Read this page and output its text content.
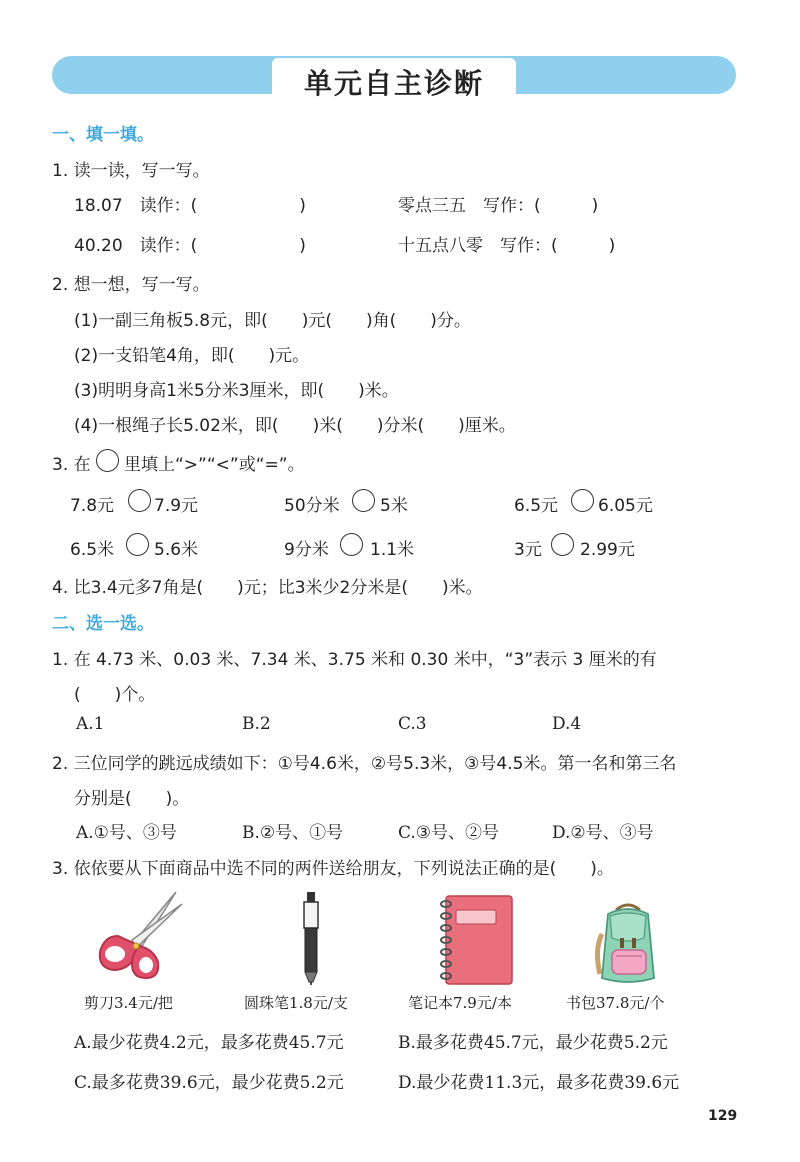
单元自主诊断
一、填一填。
1. 读一读，写一写。
18.07　读作：(　　　　　　)	零点三五　写作：(　　　)
40.20　读作：(　　　　　　)	十五点八零　写作：(　　　)
2. 想一想，写一写。
(1)一副三角板5.8元，即(　　)元(　　)角(　　)分。
(2)一支铅笔4角，即(　　)元。
(3)明明身高1米5分米3厘米，即(　　)米。
(4)一根绳子长5.02米，即(　　)米(　　)分米(　　)厘米。
3. 在 里填上“>”“<”或“=”。
7.8元 7.9元	50分米 5米	6.5元 6.05元
6.5米 5.6米	9分米 1.1米	3元 2.99元
4. 比3.4元多7角是(　　)元；比3米少2分米是(　　)米。
二、选一选。
1. 在 4.73 米、0.03 米、7.34 米、3.75 米和 0.30 米中，“3”表示 3 厘米的有
(　　)个。
A.1	B.2	C.3	D.4
2. 三位同学的跳远成绩如下：①号4.6米，②号5.3米，③号4.5米。第一名和第三名
分别是(　　)。
A.①号、③号	B.②号、①号	C.③号、②号	D.②号、③号
3. 依依要从下面商品中选不同的两件送给朋友，下列说法正确的是(　　)。
剪刀3.4元/把	圆珠笔1.8元/支	笔记本7.9元/本	书包37.8元/个
A.最少花费4.2元，最多花费45.7元	B.最多花费45.7元，最少花费5.2元
C.最多花费39.6元，最少花费5.2元	D.最少花费11.3元，最多花费39.6元
129
